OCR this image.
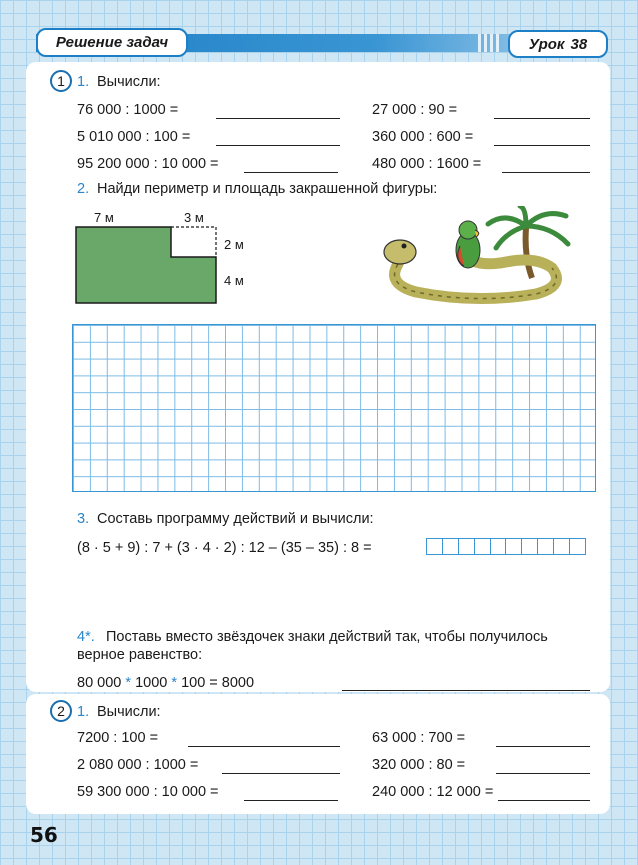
Решение задач	Урок 38
1 1. Вычисли:
76 000 : 1000 =
5 010 000 : 100 =
95 200 000 : 10 000 =
27 000 : 90 =
360 000 : 600 =
480 000 : 1600 =
2. Найди периметр и площадь закрашенной фигуры:
7 м	3 м
2 м
4 м
3. Составь программу действий и вычисли:
(8 · 5 + 9) : 7 + (3 · 4 · 2) : 12 – (35 – 35) : 8 =
4*. Поставь вместо звёздочек знаки действий так, чтобы получилось
верное равенство:
80 000 * 1000 * 100 = 8000
2 1. Вычисли:
7200 : 100 =
2 080 000 : 1000 =
59 300 000 : 10 000 =
63 000 : 700 =
320 000 : 80 =
240 000 : 12 000 =
56
